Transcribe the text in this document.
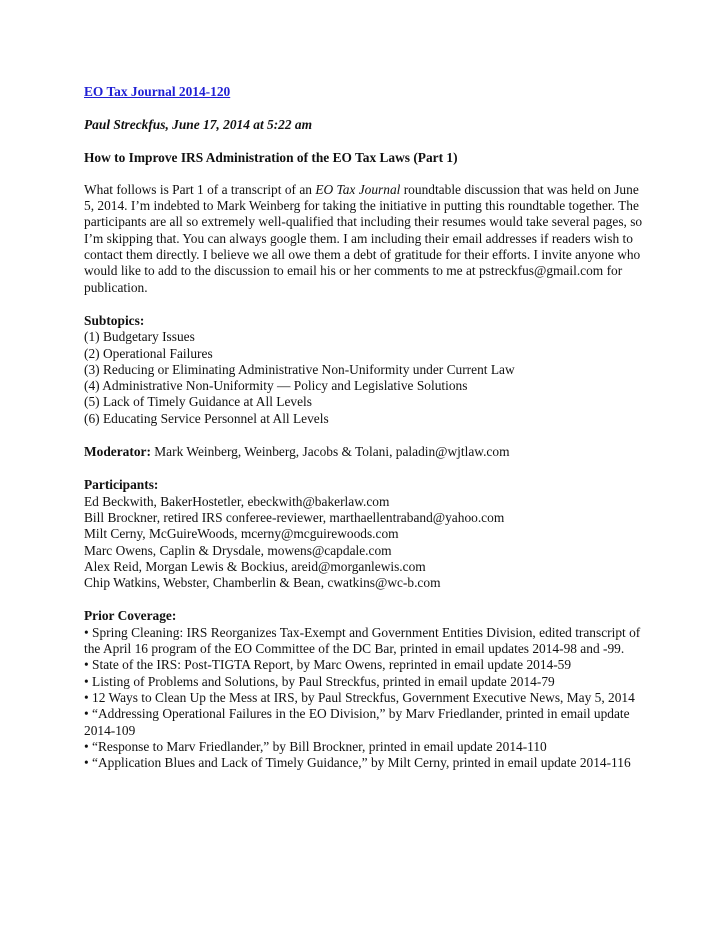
EO Tax Journal 2014-120
Paul Streckfus, June 17, 2014 at 5:22 am
How to Improve IRS Administration of the EO Tax Laws (Part 1)
What follows is Part 1 of a transcript of an EO Tax Journal roundtable discussion that was held on June 5, 2014. I’m indebted to Mark Weinberg for taking the initiative in putting this roundtable together. The participants are all so extremely well-qualified that including their resumes would take several pages, so I’m skipping that. You can always google them. I am including their email addresses if readers wish to contact them directly. I believe we all owe them a debt of gratitude for their efforts. I invite anyone who would like to add to the discussion to email his or her comments to me at pstreckfus@gmail.com for publication.
Subtopics:
(1) Budgetary Issues
(2) Operational Failures
(3) Reducing or Eliminating Administrative Non-Uniformity under Current Law
(4) Administrative Non-Uniformity — Policy and Legislative Solutions
(5) Lack of Timely Guidance at All Levels
(6) Educating Service Personnel at All Levels
Moderator: Mark Weinberg, Weinberg, Jacobs & Tolani, paladin@wjtlaw.com
Participants:
Ed Beckwith, BakerHostetler, ebeckwith@bakerlaw.com
Bill Brockner, retired IRS conferee-reviewer, marthaellentraband@yahoo.com
Milt Cerny, McGuireWoods, mcerny@mcguirewoods.com
Marc Owens, Caplin & Drysdale, mowens@capdale.com
Alex Reid, Morgan Lewis & Bockius, areid@morganlewis.com
Chip Watkins, Webster, Chamberlin & Bean, cwatkins@wc-b.com
Prior Coverage:
• Spring Cleaning: IRS Reorganizes Tax-Exempt and Government Entities Division, edited transcript of the April 16 program of the EO Committee of the DC Bar, printed in email updates 2014-98 and -99.
• State of the IRS: Post-TIGTA Report, by Marc Owens, reprinted in email update 2014-59
• Listing of Problems and Solutions, by Paul Streckfus, printed in email update 2014-79
• 12 Ways to Clean Up the Mess at IRS, by Paul Streckfus, Government Executive News, May 5, 2014
• “Addressing Operational Failures in the EO Division,” by Marv Friedlander, printed in email update 2014-109
• “Response to Marv Friedlander,” by Bill Brockner, printed in email update 2014-110
• “Application Blues and Lack of Timely Guidance,” by Milt Cerny, printed in email update 2014-116
